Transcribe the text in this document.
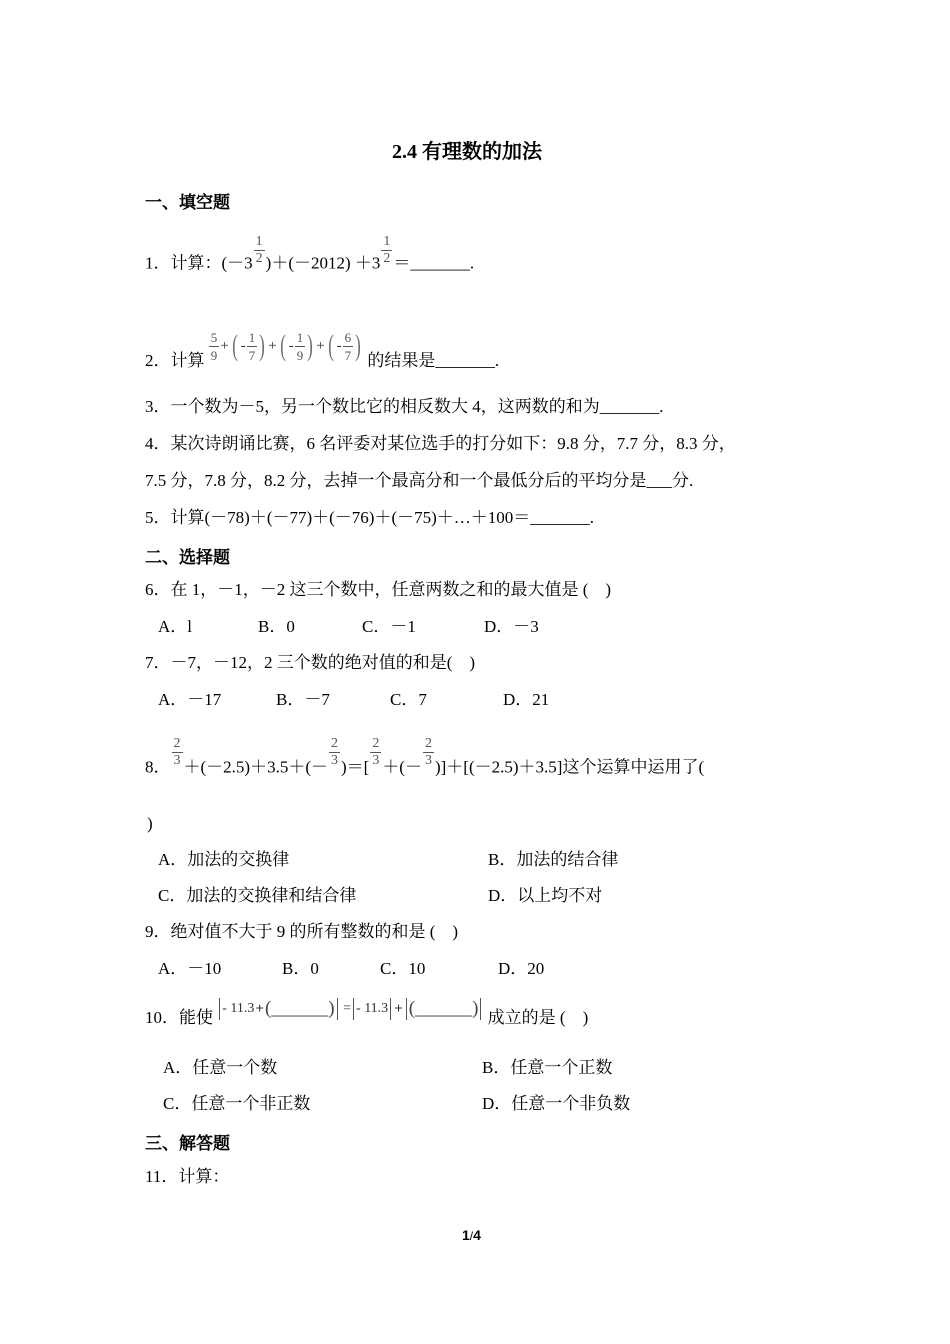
2.4 有理数的加法
一、填空题
1．计算：$(-3 \frac{1}{2} )+(-2012) +3 \frac{1}{2}$ ＝_______.
2．计算 $\frac{5}{9}$ + ( - $\frac{1}{7}$ ) + ( - $\frac{1}{9}$ ) + ( - $\frac{6}{7}$ ) 的结果是_______.
3．一个数为－5，另一个数比它的相反数大 4，这两数的和为_______.
4．某次诗朗诵比赛，6 名评委对某位选手的打分如下：9.8 分，7.7 分，8.3 分，
7.5 分，7.8 分，8.2 分，去掉一个最高分和一个最低分后的平均分是___分.
5．计算(－78)＋(－77)＋(－76)＋(－75)＋…＋100＝_______.
二、选择题
6．在 1，－1，－2 这三个数中，任意两数之和的最大值是 (　)
A．l	B．0	C．－1	D．－3
7．－7，－12，2 三个数的绝对值的和是(　)
A．－17	B．－7	C．7	D．21
8． $\frac{2}{3} +(-2.5)+3.5+(- \frac{2}{3}$ )＝[ $\frac{2}{3}$ ＋(－ $\frac{2}{3} )]+[(-2.5)+3.5]$这个运算中运用了(
)
A．加法的交换律	B．加法的结合律
C．加法的交换律和结合律	D．以上均不对
9．绝对值不大于 9 的所有整数的和是 (　)
A．－10	B．0	C．10	D．20
10．能使 - 11.3+(______) = - 11.3 + (______) 成立的是 (　)
A．任意一个数	B．任意一个正数
C．任意一个非正数	D．任意一个非负数
三、解答题
11．计算：
1/4
